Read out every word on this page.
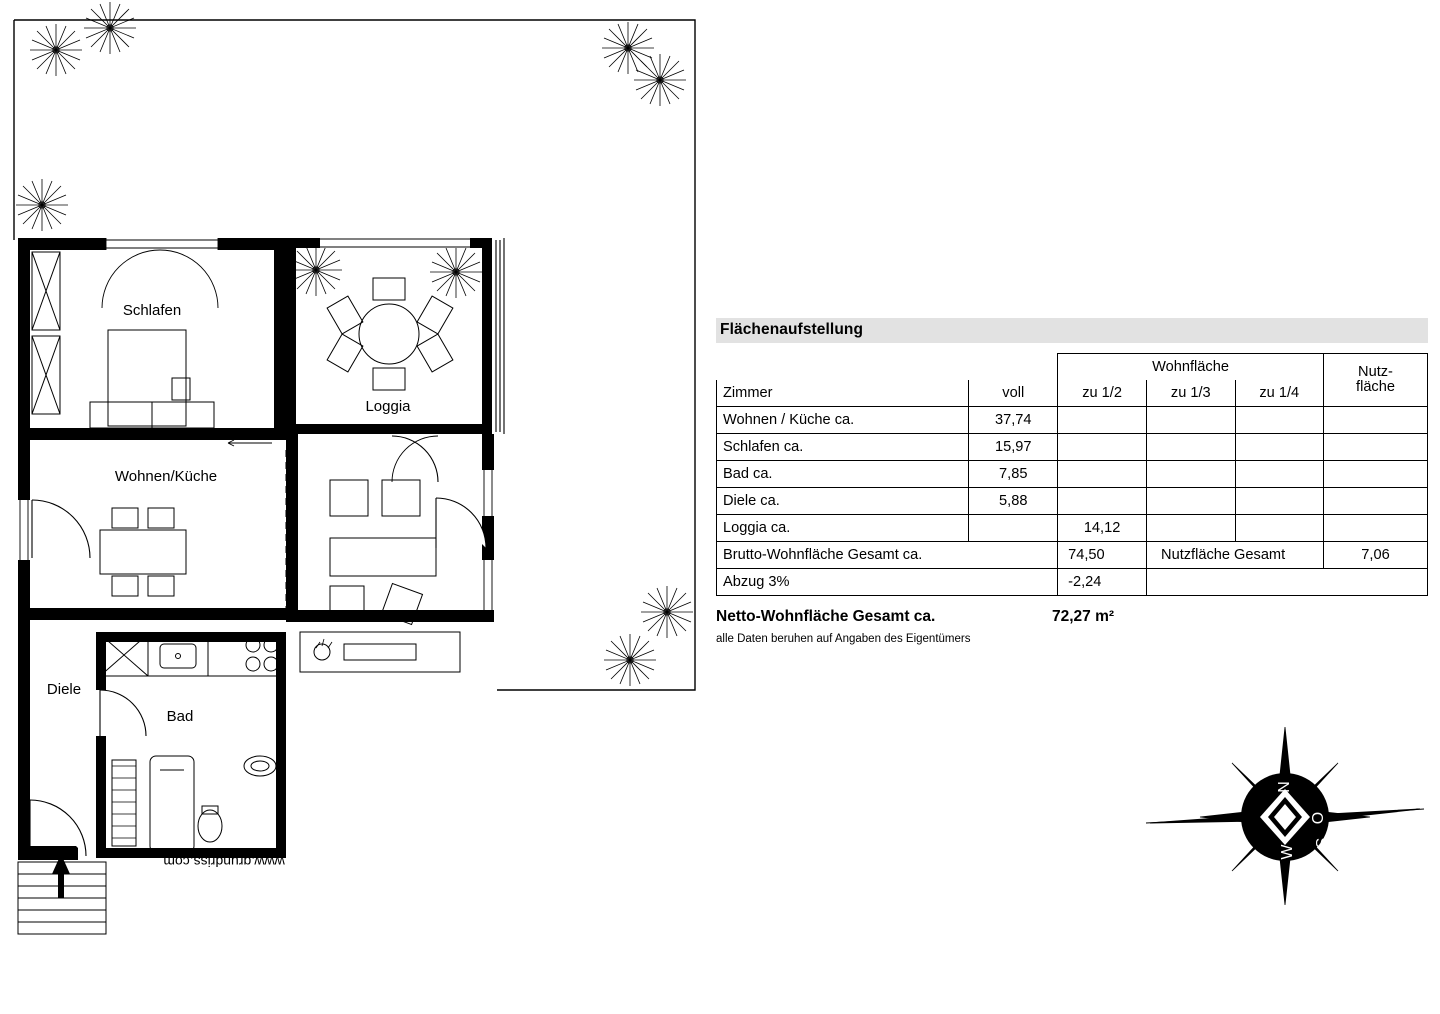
Schlafen
Loggia
Wohnen/Küche
Diele
Bad
www.grundriss.com
Flächenaufstellung
		Wohnfläche			Nutz-
fläche
Zimmer	voll	zu 1/2	zu 1/3	zu 1/4	
Wohnen / Küche ca.	37,74				
Schlafen ca.	15,97				
Bad ca.	7,85				
Diele ca.	5,88				
Loggia ca.		14,12			
Brutto-Wohnfläche Gesamt ca.		74,50	Nutzfläche Gesamt		7,06
Abzug 3%		-2,24			
Netto-Wohnfläche Gesamt ca.	72,27 m²
alle Daten beruhen auf Angaben des Eigentümers
N
O
S
W
